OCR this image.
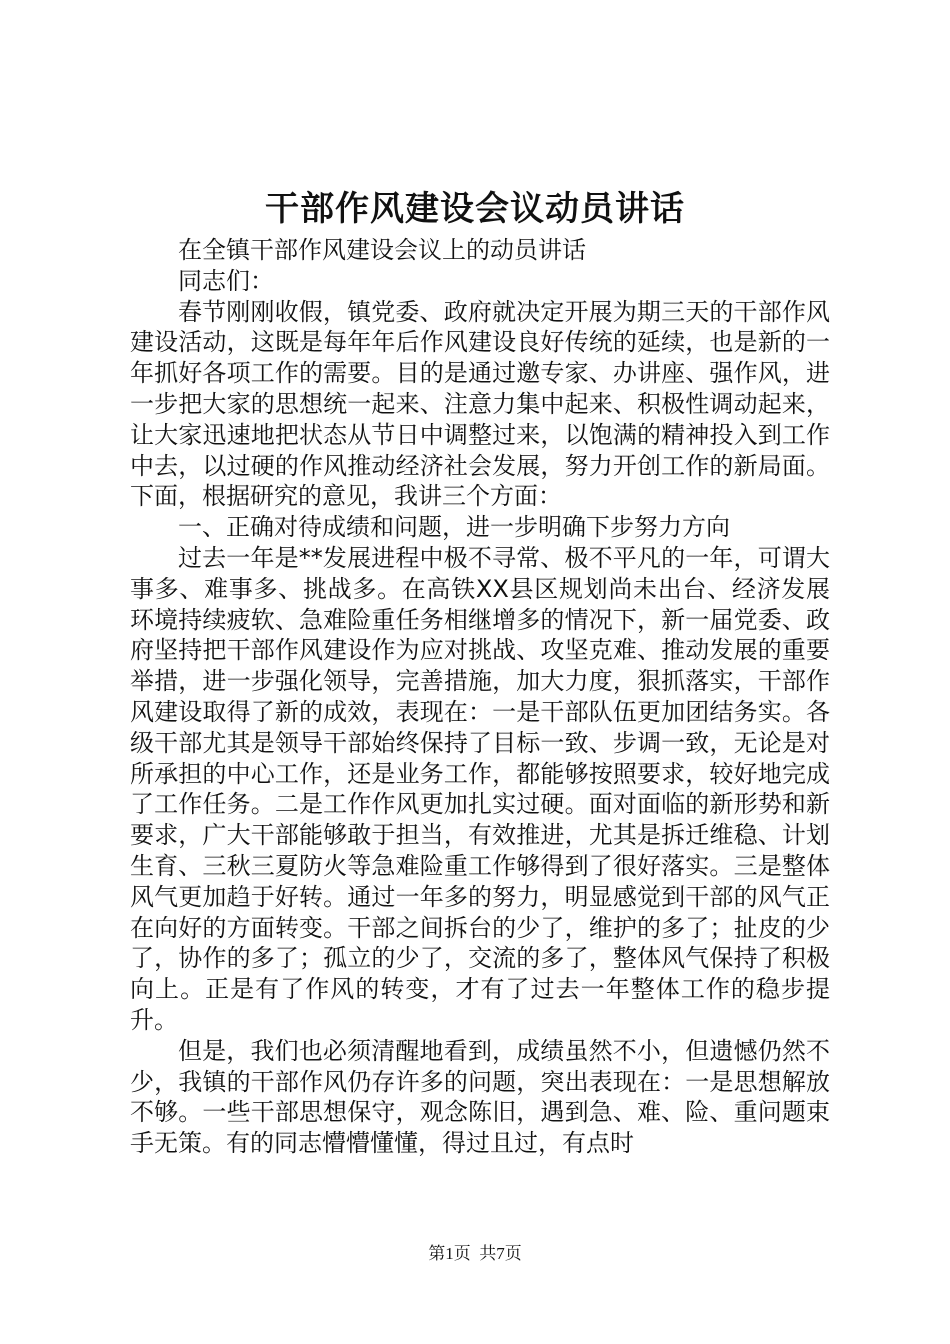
干部作风建设会议动员讲话

在全镇干部作风建设会议上的动员讲话

同志们：

春节刚刚收假，镇党委、政府就决定开展为期三天的干部作风建设活动，这既是每年年后作风建设良好传统的延续，也是新的一年抓好各项工作的需要。目的是通过邀专家、办讲座、强作风，进一步把大家的思想统一起来、注意力集中起来、积极性调动起来，让大家迅速地把状态从节日中调整过来，以饱满的精神投入到工作中去，以过硬的作风推动经济社会发展，努力开创工作的新局面。下面，根据研究的意见，我讲三个方面：

一、正确对待成绩和问题，进一步明确下步努力方向

过去一年是**发展进程中极不寻常、极不平凡的一年，可谓大事多、难事多、挑战多。在高铁XX县区规划尚未出台、经济发展环境持续疲软、急难险重任务相继增多的情况下，新一届党委、政府坚持把干部作风建设作为应对挑战、攻坚克难、推动发展的重要举措，进一步强化领导，完善措施，加大力度，狠抓落实，干部作风建设取得了新的成效，表现在：一是干部队伍更加团结务实。各级干部尤其是领导干部始终保持了目标一致、步调一致，无论是对所承担的中心工作，还是业务工作，都能够按照要求，较好地完成了工作任务。二是工作作风更加扎实过硬。面对面临的新形势和新要求，广大干部能够敢于担当，有效推进，尤其是拆迁维稳、计划生育、三秋三夏防火等急难险重工作够得到了很好落实。三是整体风气更加趋于好转。通过一年多的努力，明显感觉到干部的风气正在向好的方面转变。干部之间拆台的少了，维护的多了；扯皮的少了，协作的多了；孤立的少了，交流的多了，整体风气保持了积极向上。正是有了作风的转变，才有了过去一年整体工作的稳步提升。

但是，我们也必须清醒地看到，成绩虽然不小，但遗憾仍然不少，我镇的干部作风仍存许多的问题，突出表现在：一是思想解放不够。一些干部思想保守，观念陈旧，遇到急、难、险、重问题束手无策。有的同志懵懵懂懂，得过且过，有点时

第1页 共7页
